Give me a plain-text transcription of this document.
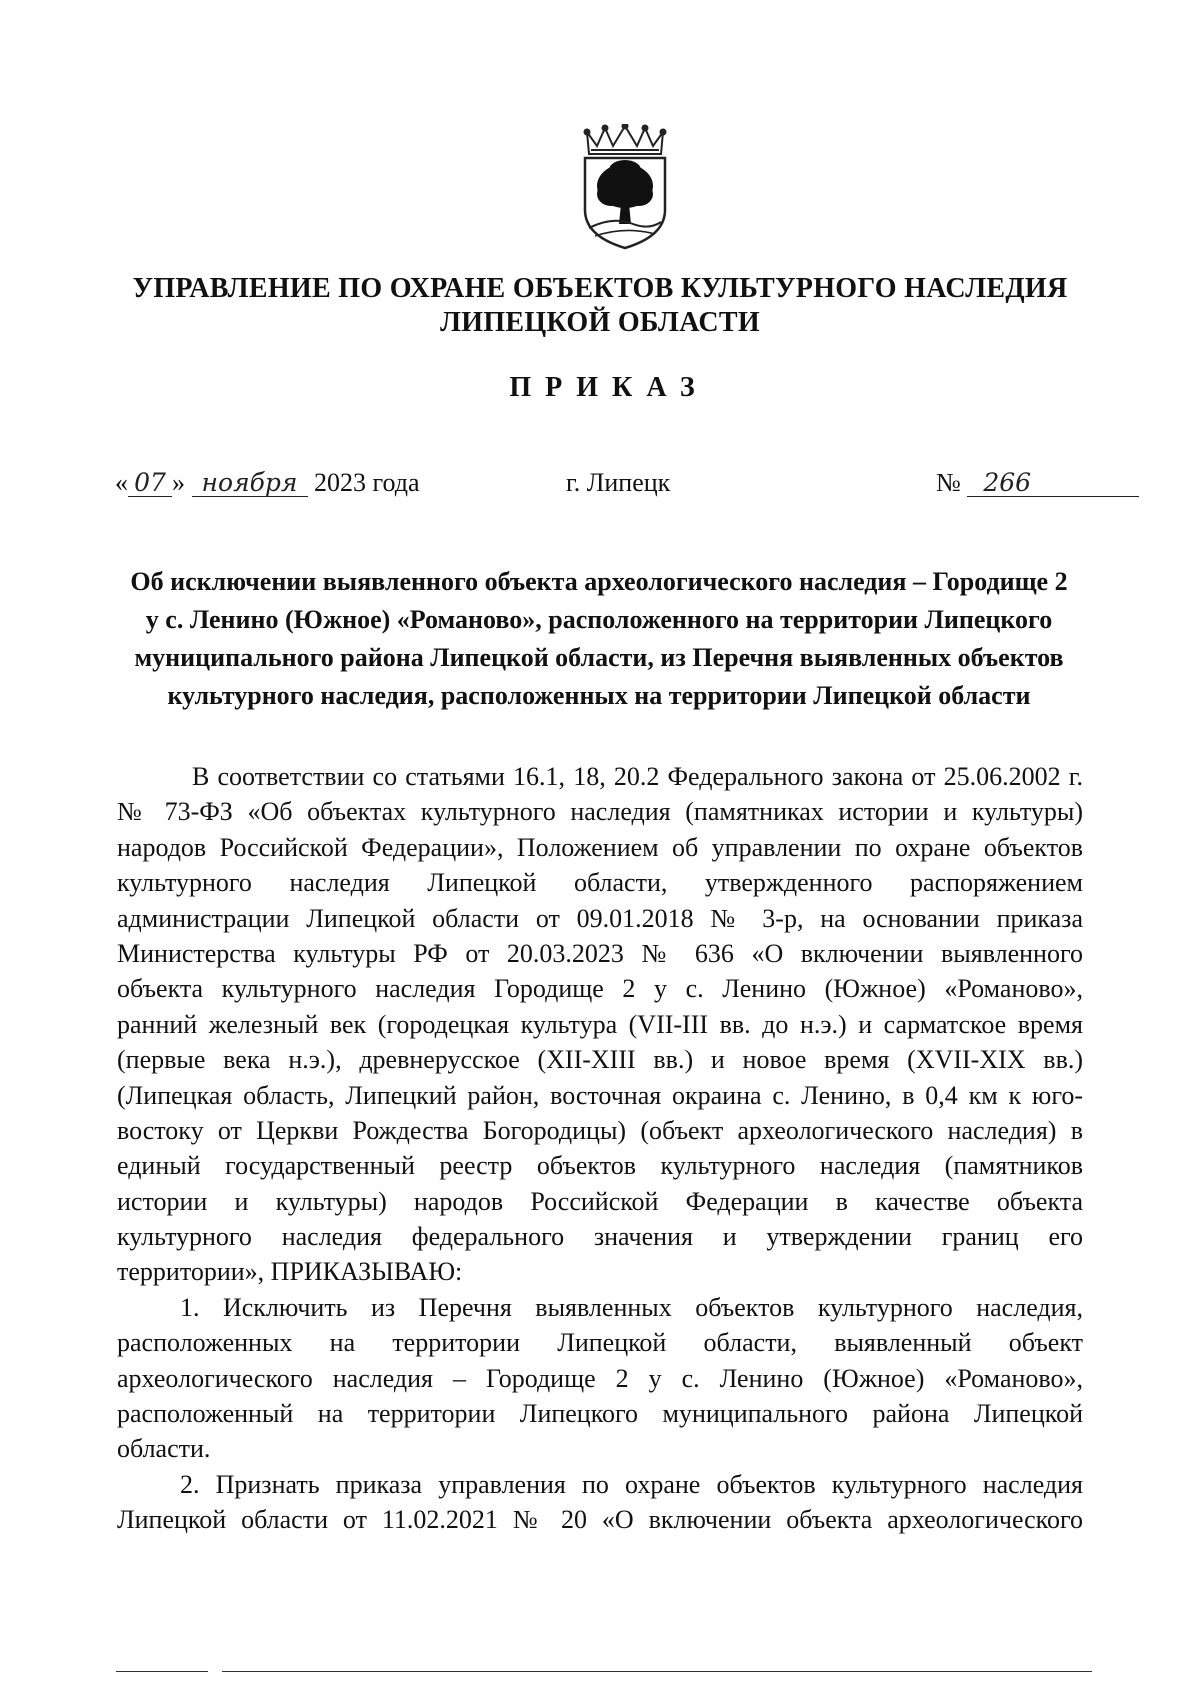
УПРАВЛЕНИЕ ПО ОХРАНЕ ОБЪЕКТОВ КУЛЬТУРНОГО НАСЛЕДИЯ
ЛИПЕЦКОЙ ОБЛАСТИ
ПРИКАЗ
« 07 » ноября 2023 года	г. Липецк	№ 266
Об исключении выявленного объекта археологического наследия – Городище 2
у с. Ленино (Южное) «Романово», расположенного на территории Липецкого
муниципального района Липецкой области, из Перечня выявленных объектов
культурного наследия, расположенных на территории Липецкой области
В соответствии со статьями 16.1, 18, 20.2 Федерального закона от 25.06.2002 г.
№ 73-ФЗ «Об объектах культурного наследия (памятниках истории и культуры)
народов Российской Федерации», Положением об управлении по охране объектов
культурного наследия Липецкой области, утвержденного распоряжением
администрации Липецкой области от 09.01.2018 № 3-р, на основании приказа
Министерства культуры РФ от 20.03.2023 № 636 «О включении выявленного
объекта культурного наследия Городище 2 у с. Ленино (Южное) «Романово»,
ранний железный век (городецкая культура (VII-III вв. до н.э.) и сарматское время
(первые века н.э.), древнерусское (XII-XIII вв.) и новое время (XVII-XIX вв.)
(Липецкая область, Липецкий район, восточная окраина с. Ленино, в 0,4 км к юго-
востоку от Церкви Рождества Богородицы) (объект археологического наследия) в
единый государственный реестр объектов культурного наследия (памятников
истории и культуры) народов Российской Федерации в качестве объекта
культурного наследия федерального значения и утверждении границ его
территории», ПРИКАЗЫВАЮ:
1. Исключить из Перечня выявленных объектов культурного наследия,
расположенных на территории Липецкой области, выявленный объект
археологического наследия – Городище 2 у с. Ленино (Южное) «Романово»,
расположенный на территории Липецкого муниципального района Липецкой
области.
2. Признать приказа управления по охране объектов культурного наследия
Липецкой области от 11.02.2021 № 20 «О включении объекта археологического
